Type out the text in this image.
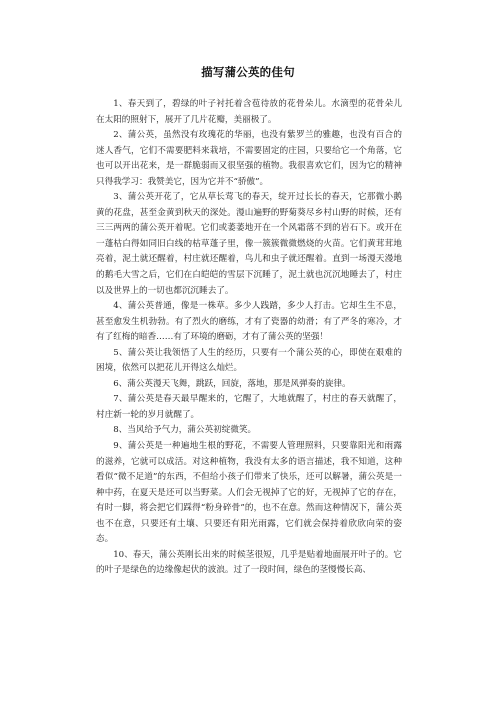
描写蒲公英的佳句

1、春天到了，碧绿的叶子衬托着含苞待放的花骨朵儿。水滴型的花骨朵儿在太阳的照射下，展开了几片花瓣，美丽极了。

2、蒲公英，虽然没有玫瑰花的华丽，也没有紫罗兰的雅趣，也没有百合的迷人香气，它们不需要肥料来栽培，不需要固定的庄园，只要给它一个角落，它也可以开出花来，是一群脆弱而又很坚强的植物。我很喜欢它们，因为它的精神只得我学习：我赞美它，因为它并不“骄傲”。

3、蒲公英开花了，它从草长莺飞的春天，绽开过长长的春天，它那微小鹅黄的花盘，甚至金黄到秋天的深处。漫山遍野的野菊葵尽乡村山野的时候，还有三三两两的蒲公英开着呢。它们或萎萎地开在一个风霜落不到的岩石下。或开在一蓬枯白得如同旧白线的枯草蓬子里，像一簇簇微微燃烧的火苗。它们黄茸茸地亮着，泥土就还醒着，村庄就还醒着，鸟儿和虫子就还醒着。直到一场漫天漫地的鹅毛大雪之后，它们在白皑皑的雪层下沉睡了，泥土就也沉沉地睡去了，村庄以及世界上的一切也都沉沉睡去了。

4、蒲公英普通，像是一株草。多少人践踏，多少人打击。它却生生不息，甚至愈发生机勃勃。有了烈火的磨练，才有了瓷器的幼滑；有了严冬的寒冷，才有了红梅的暗香……有了环境的磨砺，才有了蒲公英的坚强！

5、蒲公英让我领悟了人生的经历，只要有一个蒲公英的心，即使在艰难的困境，依然可以把花儿开得这么灿烂。

6、蒲公英漫天飞舞，跳跃，回旋，落地，那是风弹奏的旋律。

7、蒲公英是春天最早醒来的，它醒了，大地就醒了，村庄的春天就醒了，村庄新一轮的岁月就醒了。

8、当风给予气力，蒲公英初绽微笑。

9、蒲公英是一种遍地生根的野花，不需要人管理照料，只要靠阳光和雨露的滋养，它就可以成活。对这种植物，我没有太多的语言描述，我不知道，这种看似“微不足道”的东西，不但给小孩子们带来了快乐，还可以解暑，蒲公英是一种中药，在夏天是还可以当野菜。人们会无视掉了它的好，无视掉了它的存在，有时一脚，将会把它们踩得“粉身碎骨”的，也不在意。然而这种情况下，蒲公英也不在意，只要还有土壤、只要还有阳光雨露，它们就会保持着欣欣向荣的姿态。

10、春天，蒲公英刚长出来的时候茎很短，几乎是贴着地面展开叶子的。它的叶子是绿色的边缘像起伏的波浪。过了一段时间，绿色的茎慢慢长高、
